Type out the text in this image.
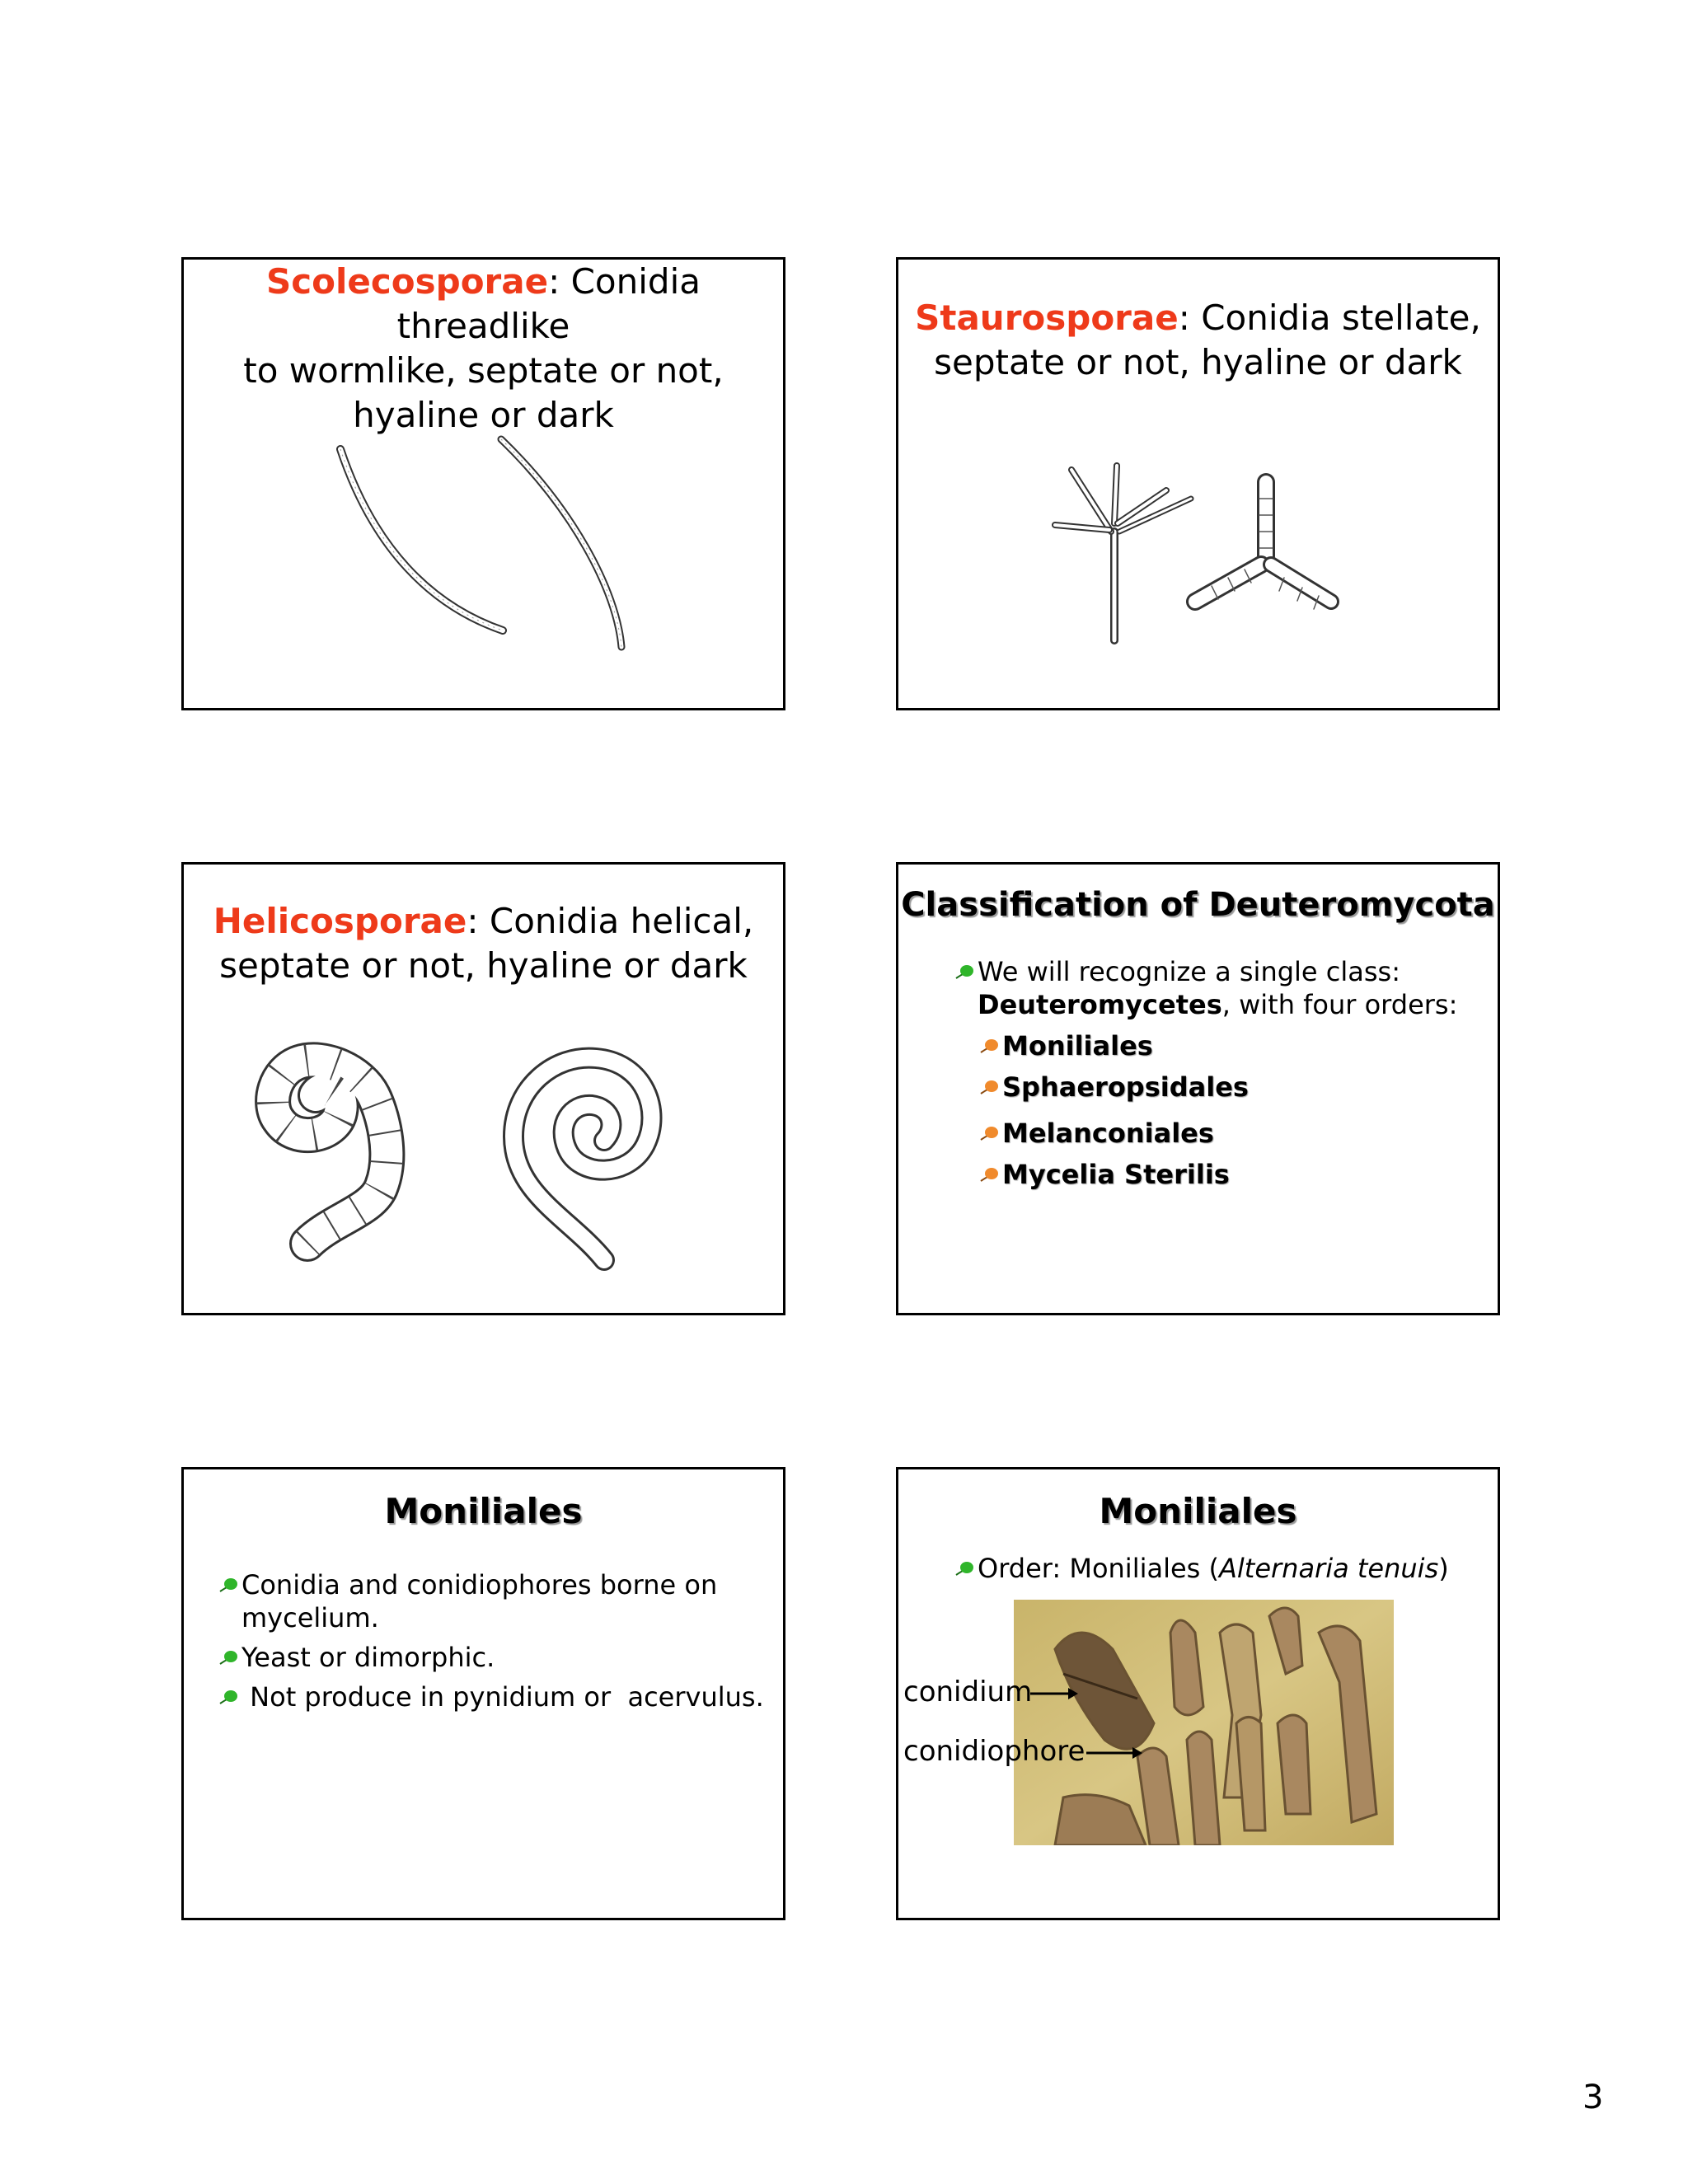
Scolecosporae: Conidia threadlike
to wormlike, septate or not,
hyaline or dark
Staurosporae: Conidia stellate,
septate or not, hyaline or dark
Helicosporae: Conidia helical,
septate or not, hyaline or dark
Classification of Deuteromycota
We will recognize a single class:
Deuteromycetes, with four orders:
Moniliales
Sphaeropsidales
Melanconiales
Mycelia Sterilis
Moniliales
Conidia and conidiophores borne on
mycelium.
Yeast or dimorphic.
Not produce in pynidium or  acervulus.
Moniliales
Order: Moniliales (Alternaria tenuis)
conidium
conidiophore
3
